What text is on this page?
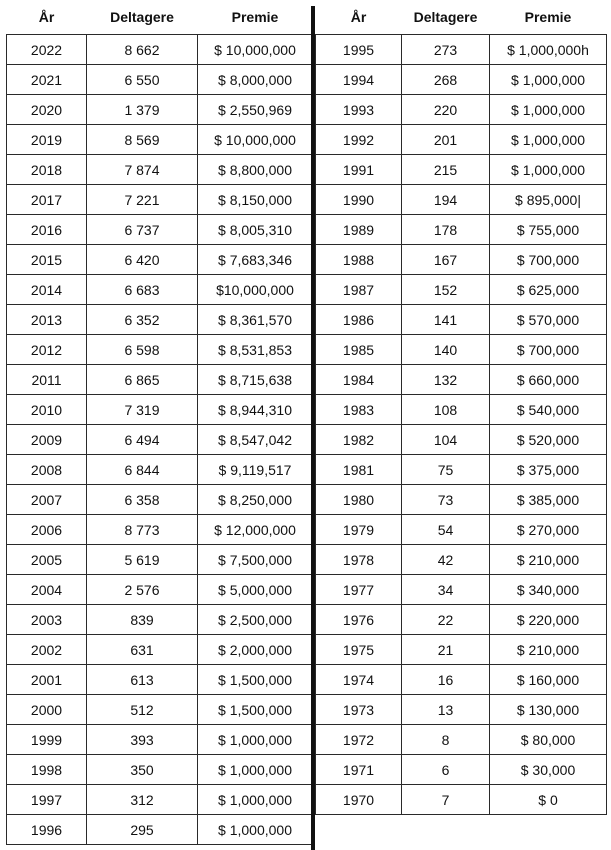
År	Deltagere	Premie
2022	8 662	$ 10,000,000
2021	6 550	$ 8,000,000
2020	1 379	$ 2,550,969
2019	8 569	$ 10,000,000
2018	7 874	$ 8,800,000
2017	7 221	$ 8,150,000
2016	6 737	$ 8,005,310
2015	6 420	$ 7,683,346
2014	6 683	$10,000,000
2013	6 352	$ 8,361,570
2012	6 598	$ 8,531,853
2011	6 865	$ 8,715,638
2010	7 319	$ 8,944,310
2009	6 494	$ 8,547,042
2008	6 844	$ 9,119,517
2007	6 358	$ 8,250,000
2006	8 773	$ 12,000,000
2005	5 619	$ 7,500,000
2004	2 576	$ 5,000,000
2003	839	$ 2,500,000
2002	631	$ 2,000,000
2001	613	$ 1,500,000
2000	512	$ 1,500,000
1999	393	$ 1,000,000
1998	350	$ 1,000,000
1997	312	$ 1,000,000
1996	295	$ 1,000,000
År	Deltagere	Premie
1995	273	$ 1,000,000h
1994	268	$ 1,000,000
1993	220	$ 1,000,000
1992	201	$ 1,000,000
1991	215	$ 1,000,000
1990	194	$ 895,000|
1989	178	$ 755,000
1988	167	$ 700,000
1987	152	$ 625,000
1986	141	$ 570,000
1985	140	$ 700,000
1984	132	$ 660,000
1983	108	$ 540,000
1982	104	$ 520,000
1981	75	$ 375,000
1980	73	$ 385,000
1979	54	$ 270,000
1978	42	$ 210,000
1977	34	$ 340,000
1976	22	$ 220,000
1975	21	$ 210,000
1974	16	$ 160,000
1973	13	$ 130,000
1972	8	$ 80,000
1971	6	$ 30,000
1970	7	$ 0
